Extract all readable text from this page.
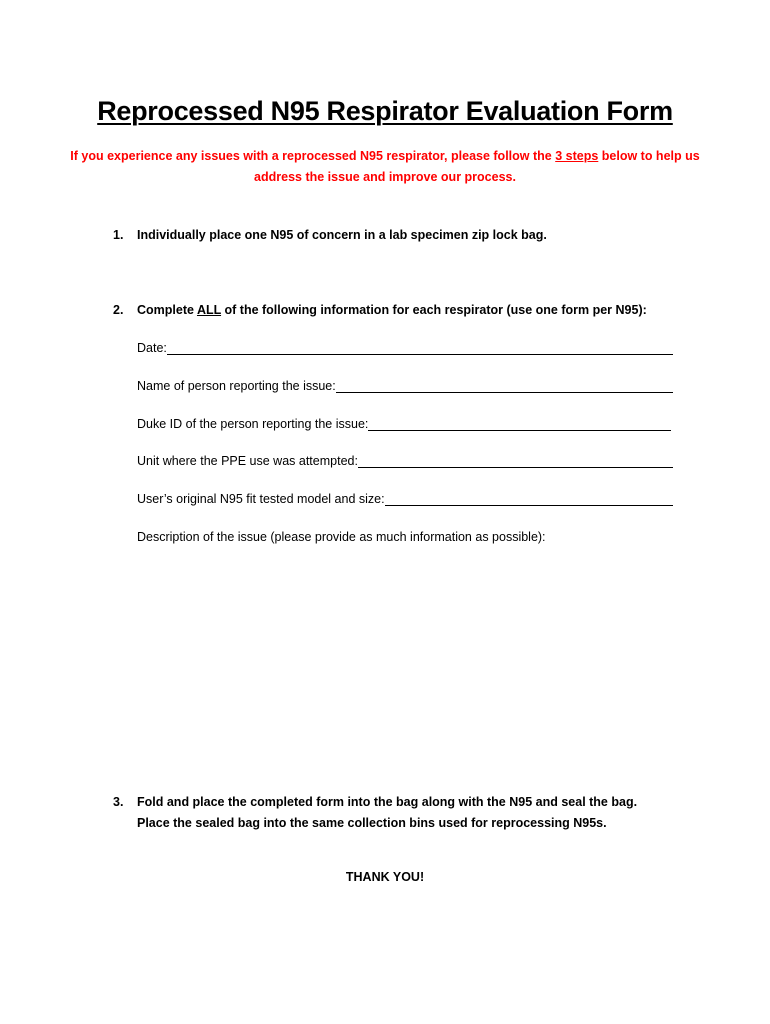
Reprocessed N95 Respirator Evaluation Form

If you experience any issues with a reprocessed N95 respirator, please follow the 3 steps below to help us address the issue and improve our process.

1. Individually place one N95 of concern in a lab specimen zip lock bag.
2. Complete ALL of the following information for each respirator (use one form per N95):
Date:
Name of person reporting the issue:
Duke ID of the person reporting the issue:
Unit where the PPE use was attempted:
User’s original N95 fit tested model and size:
Description of the issue (please provide as much information as possible):
3. Fold and place the completed form into the bag along with the N95 and seal the bag.
Place the sealed bag into the same collection bins used for reprocessing N95s.
THANK YOU!
